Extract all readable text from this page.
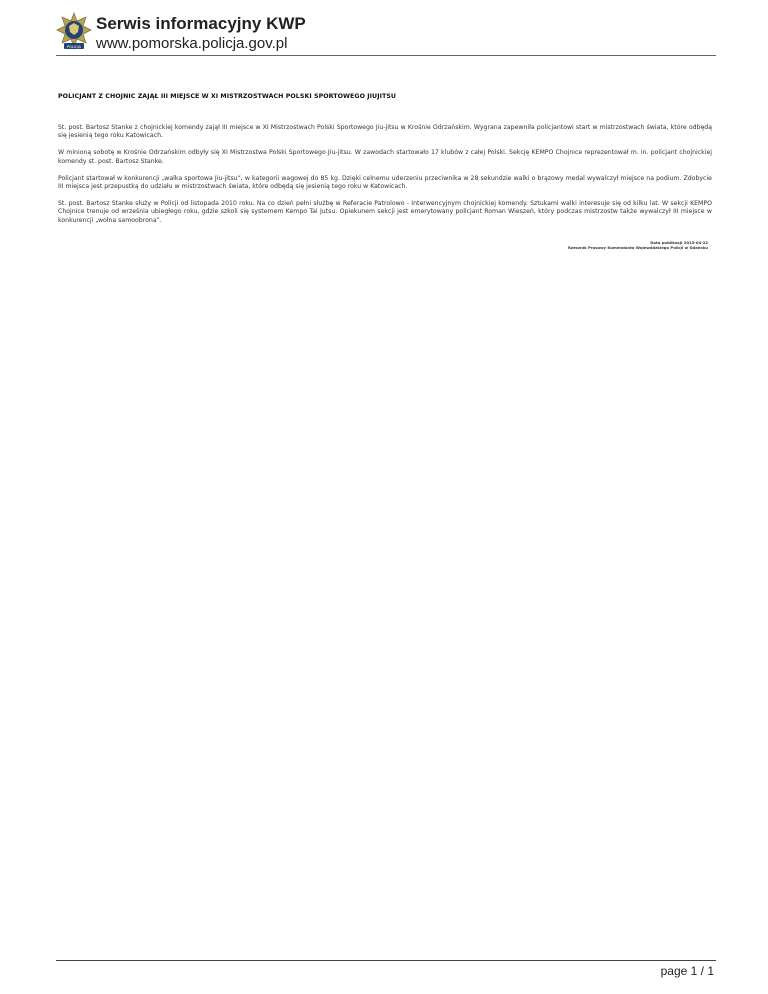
POLICJA
Serwis informacyjny KWP
www.pomorska.policja.gov.pl
POLICJANT Z CHOJNIC ZAJĄŁ III MIEJSCE W XI MISTRZOSTWACH POLSKI SPORTOWEGO JIUJITSU

St. post. Bartosz Stanke z chojnickiej komendy zajął III miejsce w XI Mistrzostwach Polski Sportowego Jiu-jitsu w Krośnie Odrzańskim. Wygrana zapewniła policjantowi start w mistrzostwach świata, które odbędą się jesienią tego roku Katowicach.

W minioną sobotę w Krośnie Odrzańskim odbyły się XI Mistrzostwa Polski Sportowego Jiu-jitsu. W zawodach startowało 17 klubów z całej Polski. Sekcję KEMPO Chojnice reprezentował m. in. policjant chojnickiej komendy st. post. Bartosz Stanke.

Policjant startował w konkurencji „walka sportowa Jiu-jitsu”, w kategorii wagowej do 85 kg. Dzięki celnemu uderzeniu przeciwnika w 28 sekundzie walki o brązowy medal wywalczył miejsce na podium. Zdobycie III miejsca jest przepustką do udziału w mistrzostwach świata, które odbędą się jesienią tego roku w Katowicach.

St. post. Bartosz Stanke służy w Policji od listopada 2010 roku. Na co dzień pełni służbę w Referacie Patrolowo - Interwencyjnym chojnickiej komendy. Sztukami walki interesuje się od kilku lat. W sekcji KEMPO Chojnice trenuje od września ubiegłego roku, gdzie szkoli się systemem Kempo Tai Jutsu. Opiekunem sekcji jest emerytowany policjant Roman Wieszeń, który podczas mistrzostw także wywalczył III miejsce w konkurencji „wolna samoobrona”.

Data publikacji 2013-04-22
Rzecznik Prasowy Komendanta Wojewódzkiego Policji w Gdańsku
page 1 / 1
